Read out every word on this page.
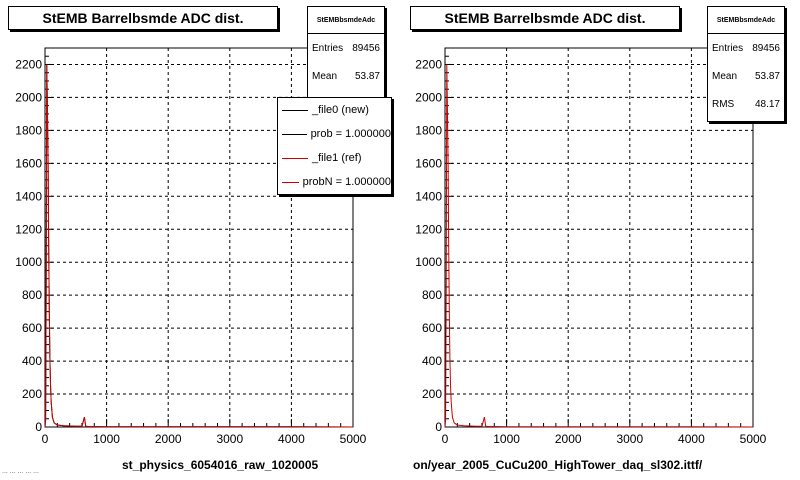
0
200
400
600
800
1000
1200
1400
1600
1800
2000
2200
0	1000	2000	3000	4000	5000
0
200
400
600
800
1000
1200
1400
1600
1800
2000
2200
0	1000	2000	3000	4000	5000
StEMB Barrelbsmde ADC dist.	StEMBbsmdeAdc
Entries 89456
Mean 53.87
_file0 (new)
prob = 1.000000
_file1 (ref)
probN = 1.000000
st_physics_6054016_raw_1020005
StEMB Barrelbsmde ADC dist.	StEMBbsmdeAdc
Entries 89456
Mean 53.87
RMS 48.17
on/year_2005_CuCu200_HighTower_daq_sl302.ittf/
... ... ... ... ...
